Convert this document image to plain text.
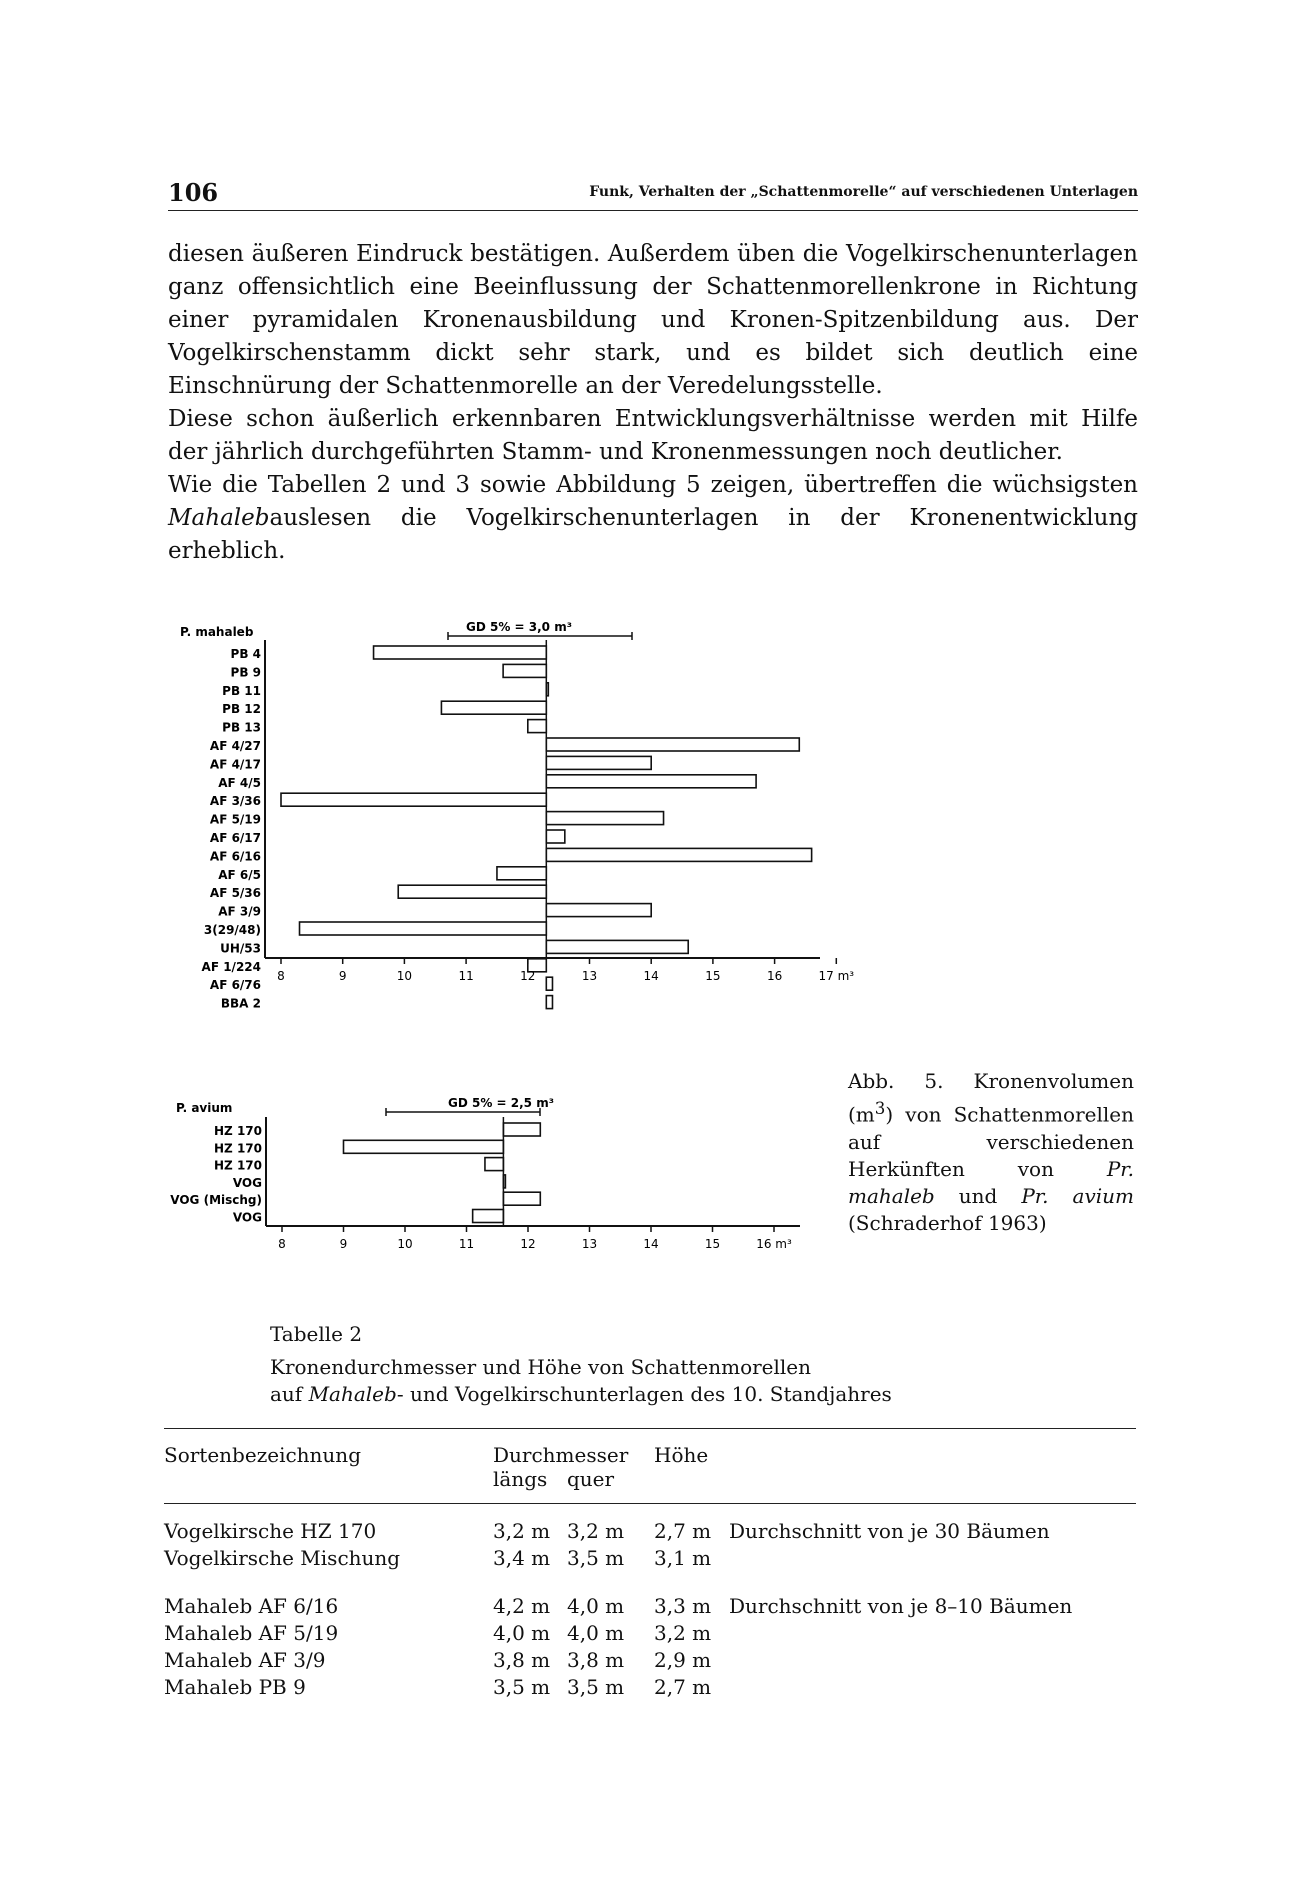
106	Funk, Verhalten der „Schattenmorelle“ auf verschiedenen Unterlagen

diesen äußeren Eindruck bestätigen. Außerdem üben die Vogelkirschenunterlagen ganz offensichtlich eine Beeinflussung der Schattenmorellenkrone in Richtung einer pyramidalen Kronenausbildung und Kronen-Spitzenbildung aus. Der Vogelkirschenstamm dickt sehr stark, und es bildet sich deutlich eine Einschnürung der Schattenmorelle an der Veredelungsstelle.

Diese schon äußerlich erkennbaren Entwicklungsverhältnisse werden mit Hilfe der jährlich durchgeführten Stamm- und Kronenmessungen noch deutlicher.

Wie die Tabellen 2 und 3 sowie Abbildung 5 zeigen, übertreffen die wüchsigsten Mahalebauslesen die Vogelkirschenunterlagen in der Kronenentwicklung erheblich.

P. mahaleb	GD 5% = 3,0 m³
PB 4
PB 9
PB 11
PB 12
PB 13
AF 4/27
AF 4/17
AF 4/5
AF 3/36
AF 5/19
AF 6/17
AF 6/16
AF 6/5
AF 5/36
AF 3/9
3(29/48)
UH/53
AF 1/224
AF 6/76
BBA 2
8	9	10	11	12	13	14	15	16	17 m³
P. avium	GD 5% = 2,5 m³
HZ 170
HZ 170
HZ 170
VOG
VOG (Mischg)
VOG
8	9	10	11	12	13	14	15	16 m³
Abb. 5. Kronenvolumen $(m^3)$ von Schattenmorellen auf verschiedenen Herkünften von	Pr. mahaleb und Pr. avium (Schraderhof 1963)
Tabelle 2
Kronendurchmesser und Höhe von Schattenmorellen
auf Mahaleb- und Vogelkirschunterlagen des 10. Standjahres
Sortenbezeichnung	Durchmesser		Höhe	
	längs	quer		
Vogelkirsche HZ 170	3,2 m	3,2 m	2,7 m	Durchschnitt von je 30 Bäumen
Vogelkirsche Mischung	3,4 m	3,5 m	3,1 m	
Mahaleb AF 6/16	4,2 m	4,0 m	3,3 m	Durchschnitt von je 8–10 Bäumen
Mahaleb AF 5/19	4,0 m	4,0 m	3,2 m	
Mahaleb AF 3/9	3,8 m	3,8 m	2,9 m	
Mahaleb PB 9	3,5 m	3,5 m	2,7 m	
